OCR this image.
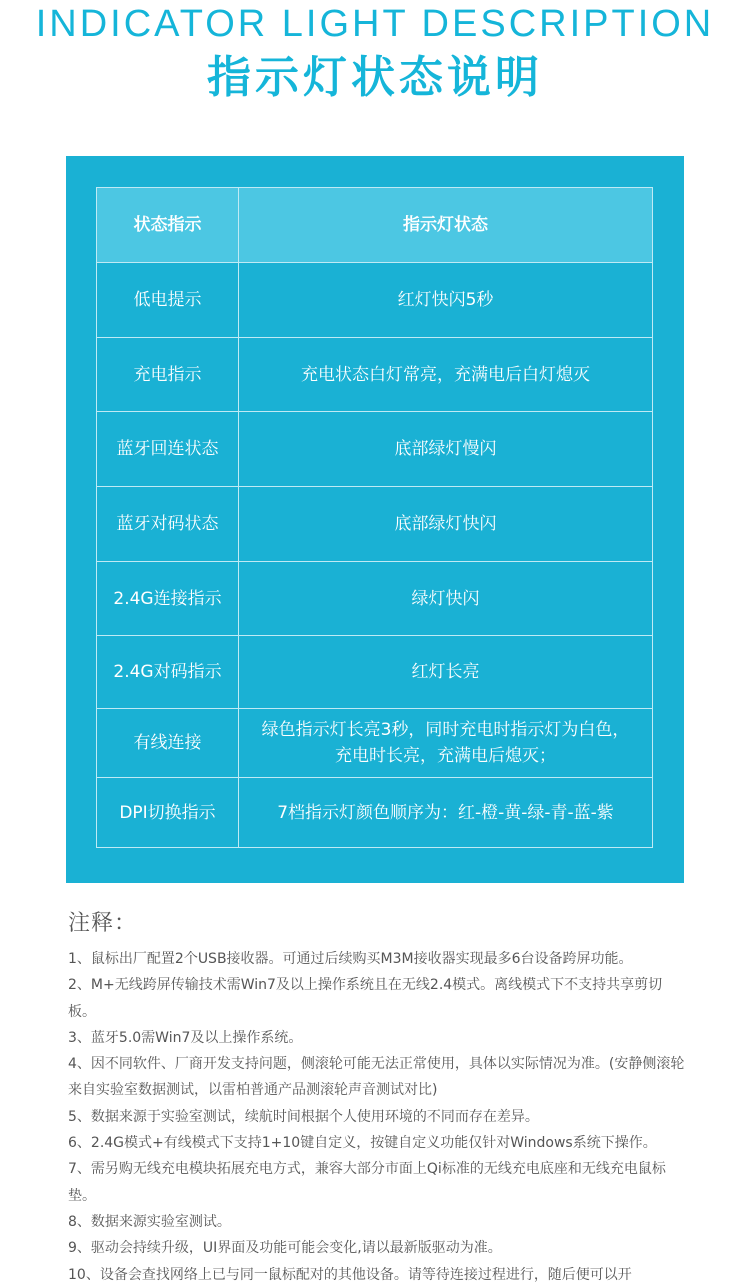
INDICATOR LIGHT DESCRIPTION
指示灯状态说明
状态指示	指示灯状态
低电提示	红灯快闪5秒
充电指示	充电状态白灯常亮，充满电后白灯熄灭
蓝牙回连状态	底部绿灯慢闪
蓝牙对码状态	底部绿灯快闪
2.4G连接指示	绿灯快闪
2.4G对码指示	红灯长亮
有线连接	绿色指示灯长亮3秒，同时充电时指示灯为白色，
充电时长亮，充满电后熄灭；

DPI切换指示	7档指示灯颜色顺序为：红-橙-黄-绿-青-蓝-紫
注释：

1、鼠标出厂配置2个USB接收器。可通过后续购买M3M接收器实现最多6台设备跨屏功能。

2、M+无线跨屏传输技术需Win7及以上操作系统且在无线2.4模式。离线模式下不支持共享剪切板。

3、蓝牙5.0需Win7及以上操作系统。

4、因不同软件、厂商开发支持问题，侧滚轮可能无法正常使用，具体以实际情况为准。(安静侧滚轮来自实验室数据测试，以雷柏普通产品测滚轮声音测试对比)

5、数据来源于实验室测试，续航时间根据个人使用环境的不同而存在差异。

6、2.4G模式+有线模式下支持1+10键自定义，按键自定义功能仅针对Windows系统下操作。

7、需另购无线充电模块拓展充电方式，兼容大部分市面上Qi标准的无线充电底座和无线充电鼠标垫。

8、数据来源实验室测试。

9、驱动会持续升级，UI界面及功能可能会变化,请以最新版驱动为准。

10、设备会查找网络上已与同一鼠标配对的其他设备。请等待连接过程进行，随后便可以开
